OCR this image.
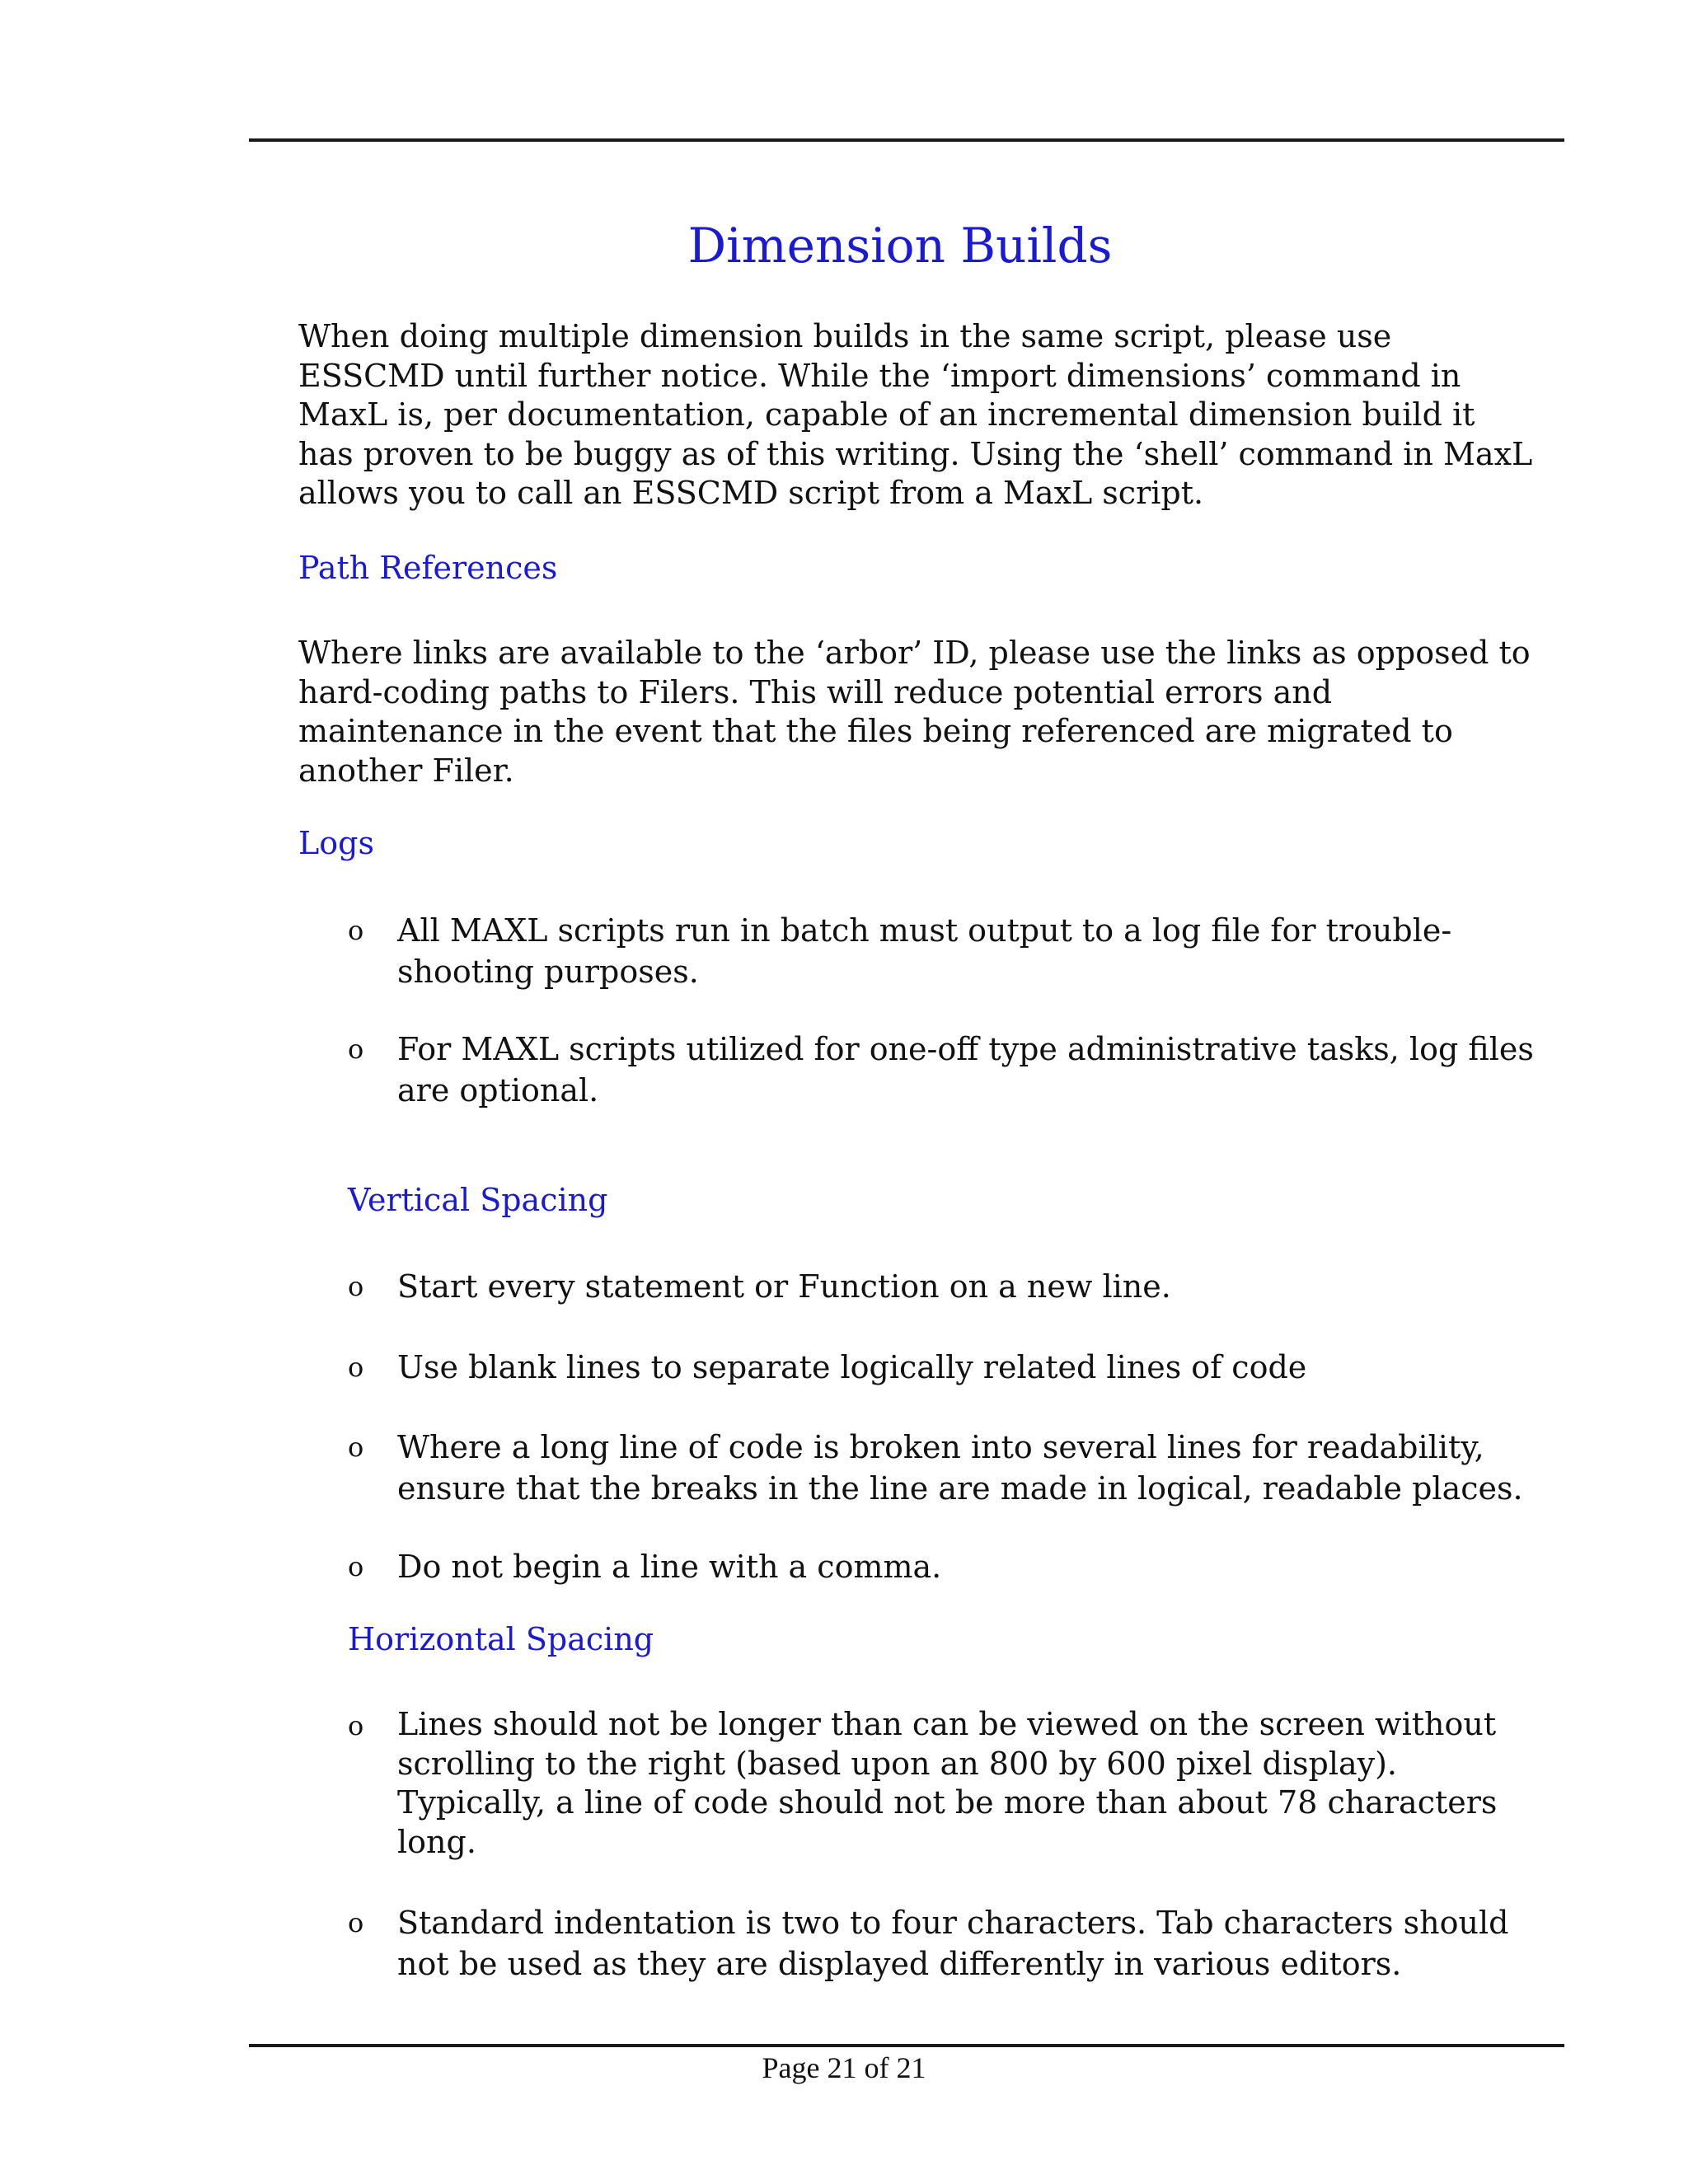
Dimension Builds
When doing multiple dimension builds in the same script, please use
ESSCMD until further notice. While the ‘import dimensions’ command in
MaxL is, per documentation, capable of an incremental dimension build it
has proven to be buggy as of this writing. Using the ‘shell’ command in MaxL
allows you to call an ESSCMD script from a MaxL script.
Path References
Where links are available to the ‘arbor’ ID, please use the links as opposed to
hard-coding paths to Filers. This will reduce potential errors and
maintenance in the event that the files being referenced are migrated to
another Filer.
Logs
o All MAXL scripts run in batch must output to a log file for trouble-
shooting purposes.
o For MAXL scripts utilized for one-off type administrative tasks, log files
are optional.
Vertical Spacing
o Start every statement or Function on a new line.
o Use blank lines to separate logically related lines of code
o Where a long line of code is broken into several lines for readability,
ensure that the breaks in the line are made in logical, readable places.
o Do not begin a line with a comma.
Horizontal Spacing
o Lines should not be longer than can be viewed on the screen without
scrolling to the right (based upon an 800 by 600 pixel display).
Typically, a line of code should not be more than about 78 characters
long.
o Standard indentation is two to four characters. Tab characters should
not be used as they are displayed differently in various editors.
Page 21 of 21
